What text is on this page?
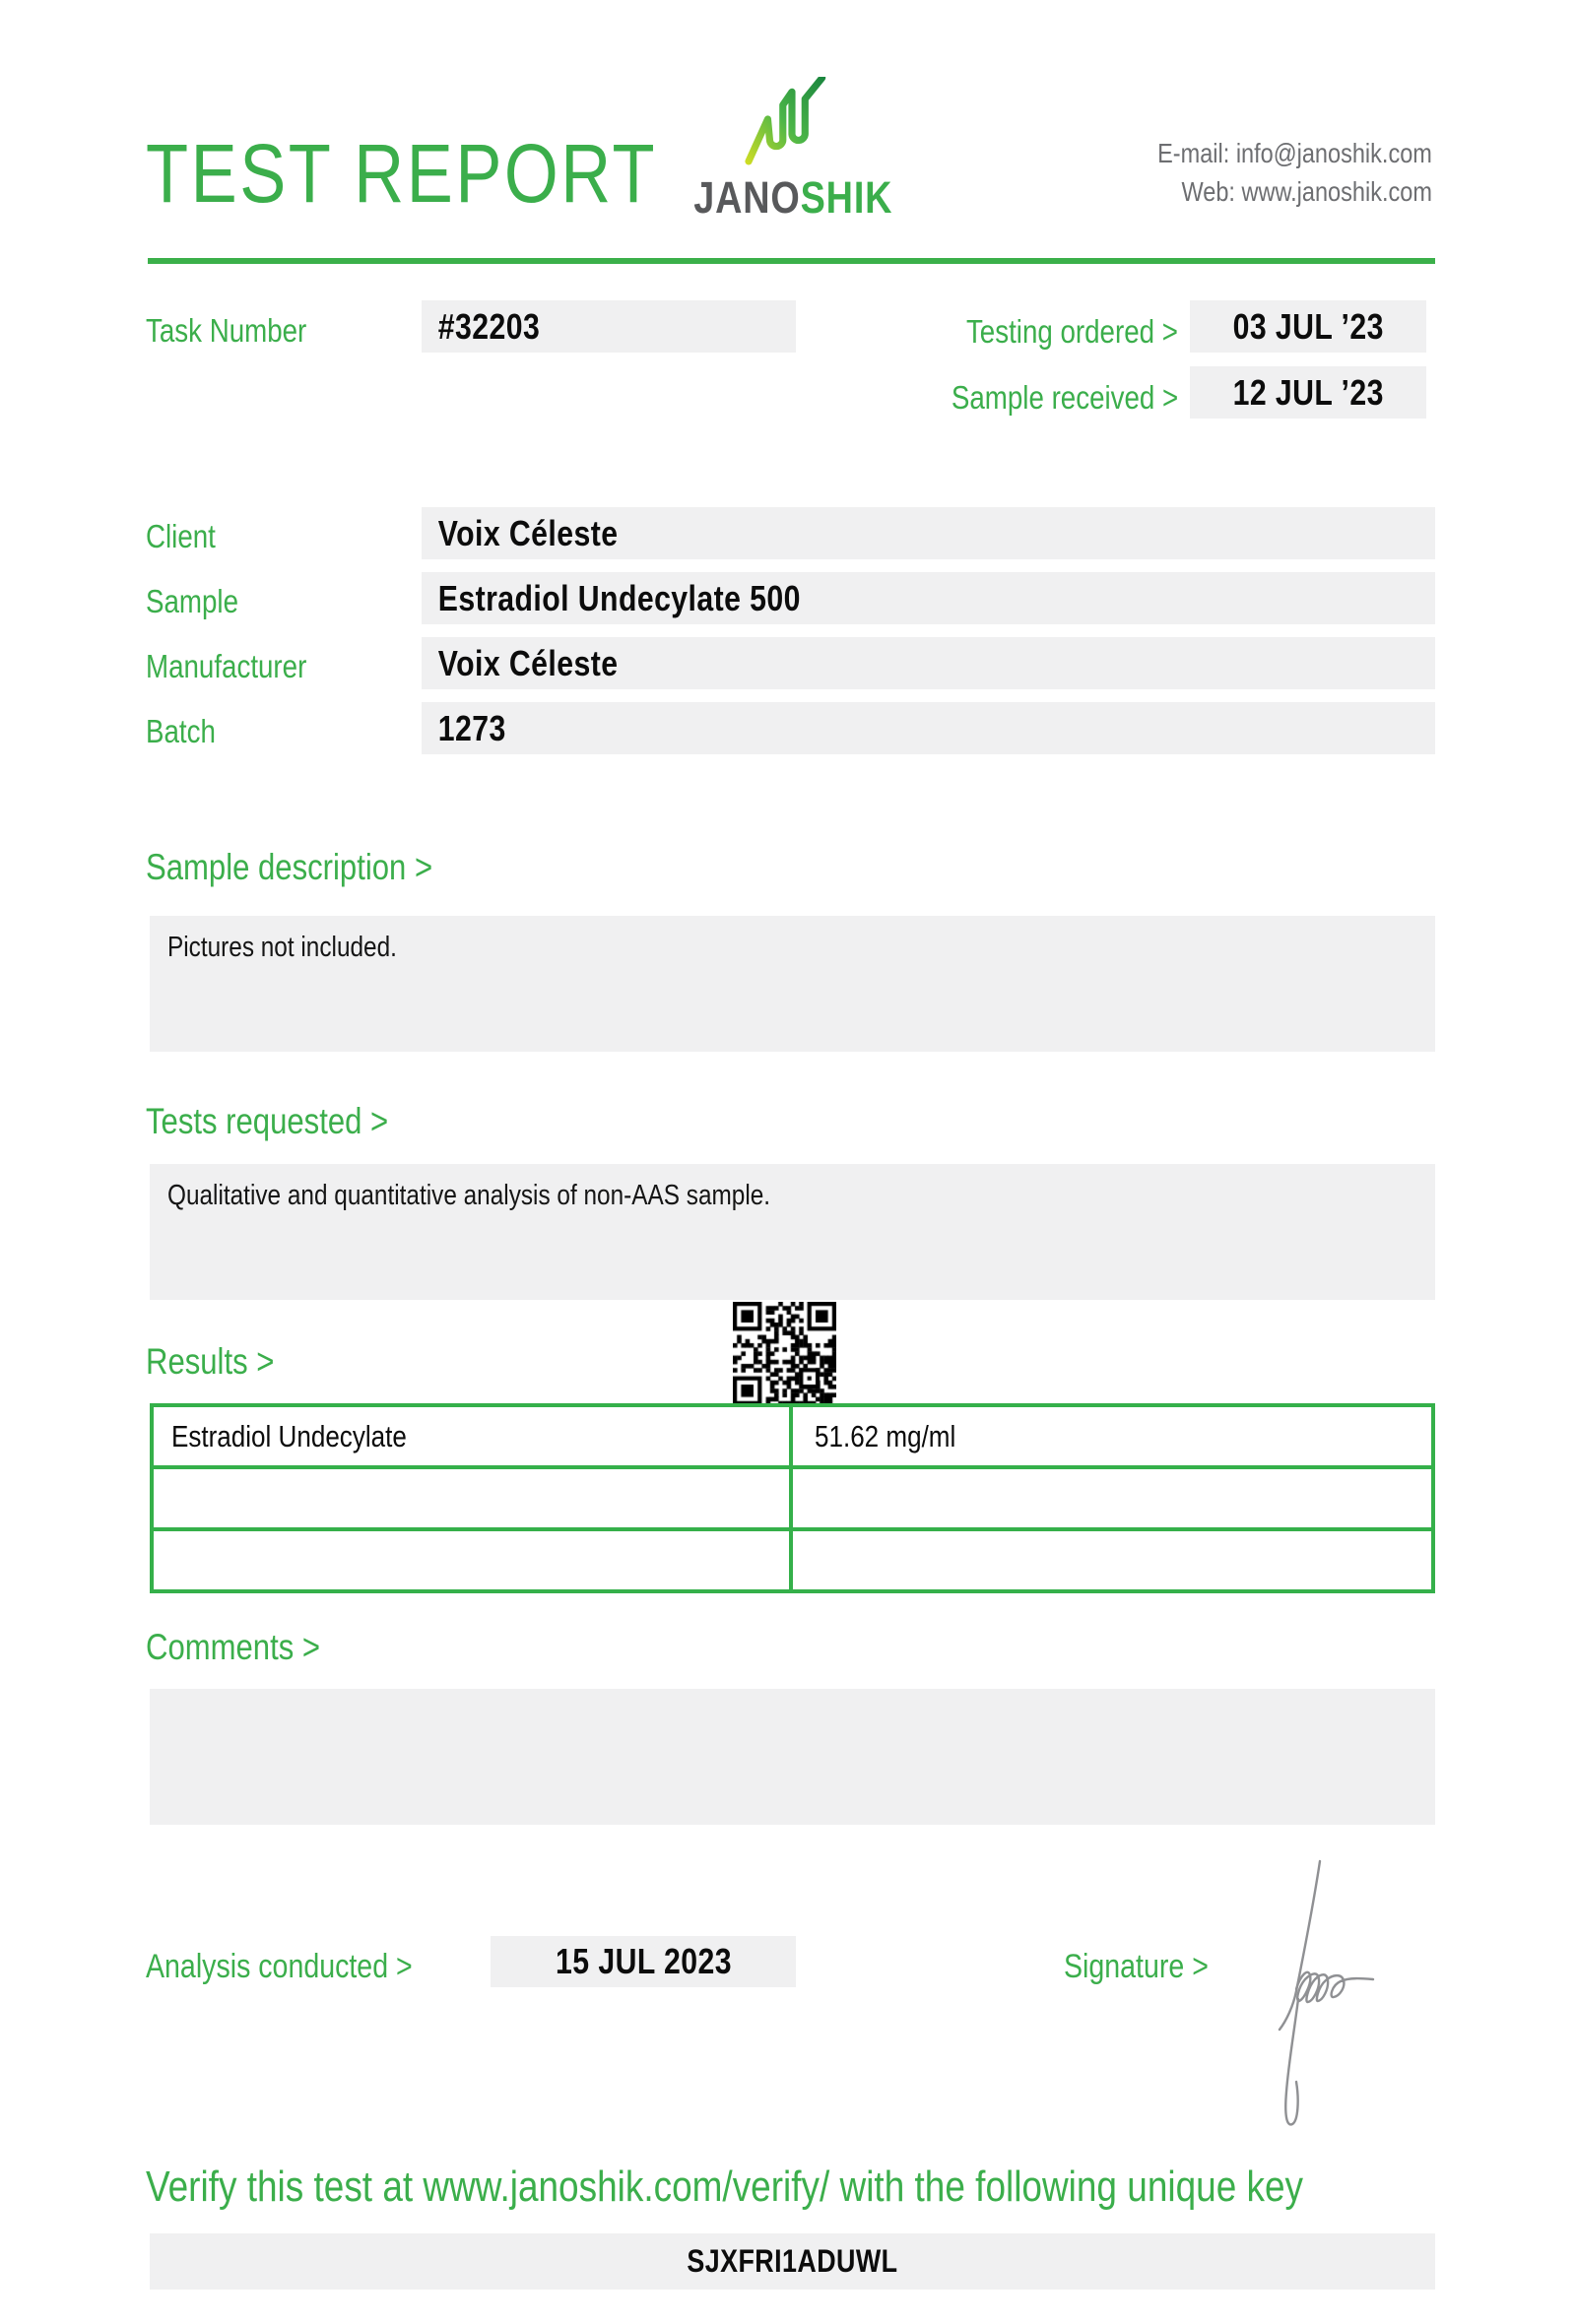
TEST REPORT JANOSHIK
E-mail: info@janoshik.com
Web: www.janoshik.com
Task Number	#32203	Testing ordered > 03 JUL ’23
Sample received > 12 JUL ’23
Client	Voix Céleste
Sample	Estradiol Undecylate 500
Manufacturer	Voix Céleste
Batch	1273
Sample description >
Pictures not included.
Tests requested >
Qualitative and quantitative analysis of non-AAS sample.
Results >
Estradiol Undecylate	51.62 mg/ml
Comments >
Analysis conducted >	15 JUL 2023	Signature >
Verify this test at www.janoshik.com/verify/ with the following unique key
SJXFRI1ADUWL
